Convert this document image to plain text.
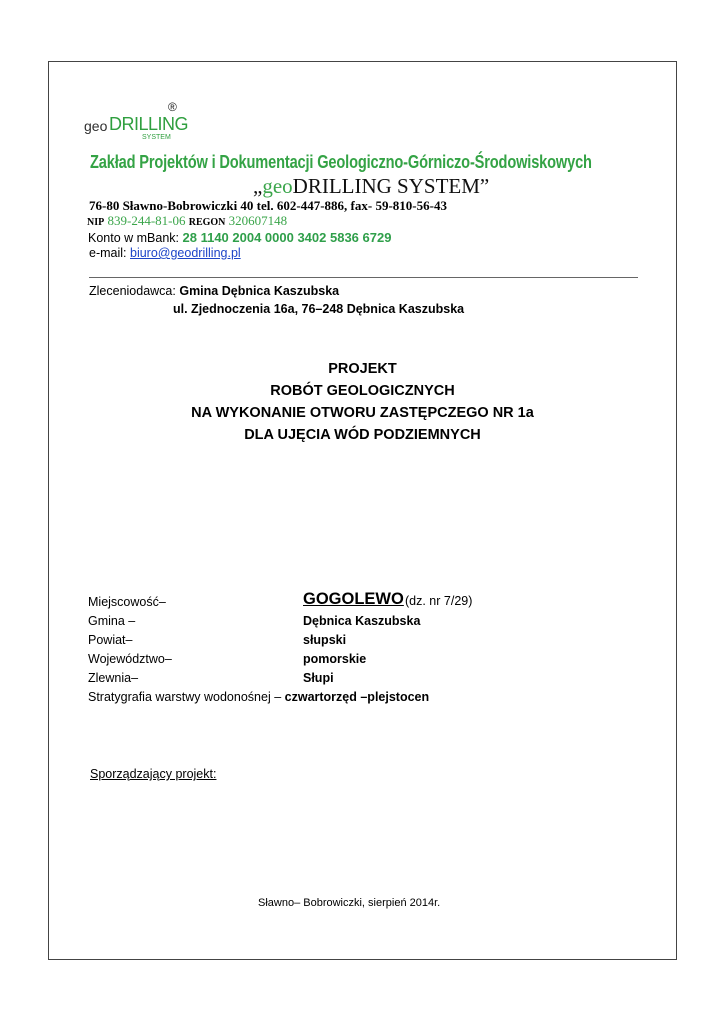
®
geo DRILLING
SYSTEM
Zakład Projektów i Dokumentacji Geologiczno-Górniczo-Środowiskowych
„geoDRILLING SYSTEM”
76-80 Sławno-Bobrowiczki 40 tel. 602-447-886, fax- 59-810-56-43
NIP 839-244-81-06 REGON 320607148
Konto w mBank: 28 1140 2004 0000 3402 5836 6729
e-mail: biuro@geodrilling.pl
Zleceniodawca: Gmina Dębnica Kaszubska
ul. Zjednoczenia 16a, 76–248 Dębnica Kaszubska
PROJEKT
ROBÓT GEOLOGICZNYCH
NA WYKONANIE OTWORU ZASTĘPCZEGO NR 1a
DLA UJĘCIA WÓD PODZIEMNYCH
Miejscowość–	GOGOLEWO (dz. nr 7/29)
Gmina –	Dębnica Kaszubska
Powiat–	słupski
Województwo–	pomorskie
Zlewnia–	Słupi
Stratygrafia warstwy wodonośnej – czwartorzęd –plejstocen
Sporządzający projekt:
Sławno– Bobrowiczki, sierpień 2014r.
